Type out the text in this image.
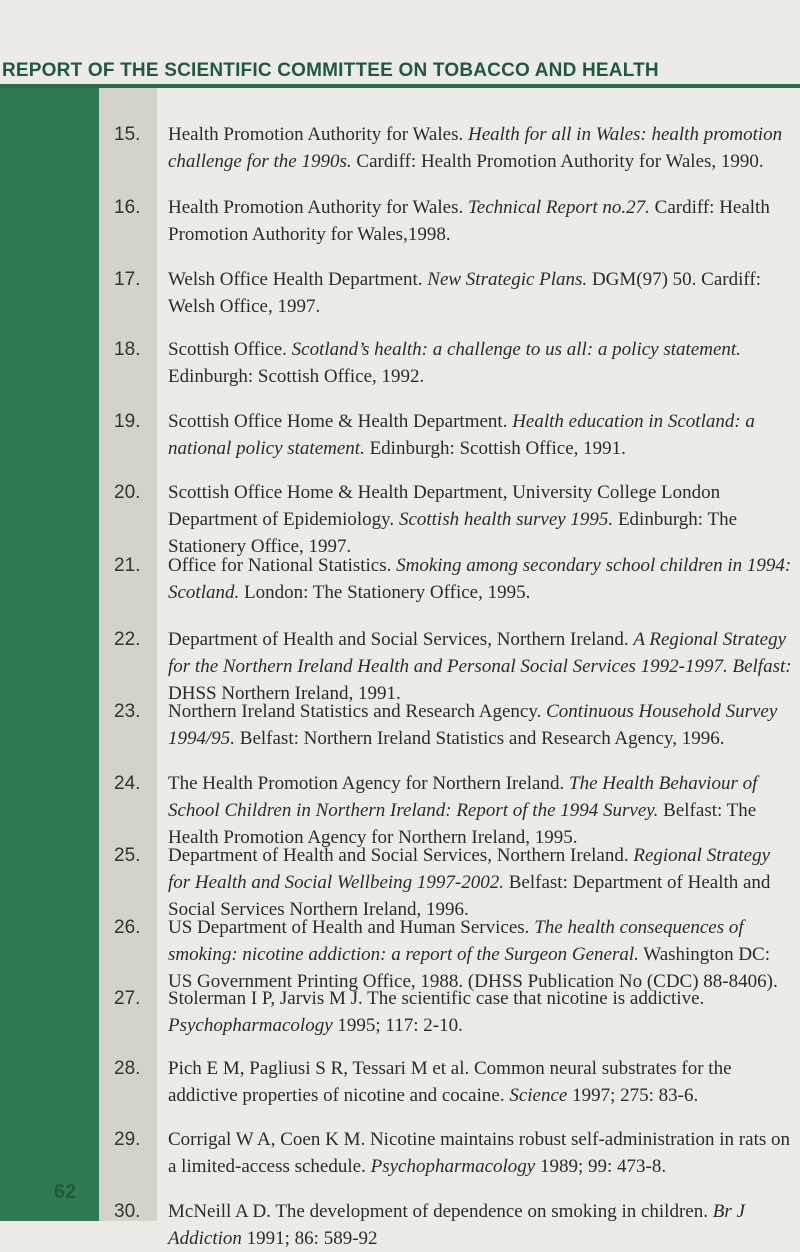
REPORT OF THE SCIENTIFIC COMMITTEE ON TOBACCO AND HEALTH
62
15.	Health Promotion Authority for Wales. Health for all in Wales: health promotion challenge for the 1990s. Cardiff: Health Promotion Authority for Wales, 1990.
16.	Health Promotion Authority for Wales. Technical Report no.27. Cardiff: Health Promotion Authority for Wales,1998.
17.	Welsh Office Health Department. New Strategic Plans. DGM(97) 50. Cardiff: Welsh Office, 1997.
18.	Scottish Office. Scotland’s health: a challenge to us all: a policy statement. Edinburgh: Scottish Office, 1992.
19.	Scottish Office Home & Health Department. Health education in Scotland: a national policy statement. Edinburgh: Scottish Office, 1991.
20.	Scottish Office Home & Health Department, University College London Department of Epidemiology. Scottish health survey 1995. Edinburgh: The Stationery Office, 1997.
21.	Office for National Statistics. Smoking among secondary school children in 1994: Scotland. London: The Stationery Office, 1995.
22.	Department of Health and Social Services, Northern Ireland. A Regional Strategy for the Northern Ireland Health and Personal Social Services 1992-1997. Belfast: DHSS Northern Ireland, 1991.
23.	Northern Ireland Statistics and Research Agency. Continuous Household Survey 1994/95. Belfast: Northern Ireland Statistics and Research Agency, 1996.
24.	The Health Promotion Agency for Northern Ireland. The Health Behaviour of School Children in Northern Ireland: Report of the 1994 Survey. Belfast: The Health Promotion Agency for Northern Ireland, 1995.
25.	Department of Health and Social Services, Northern Ireland. Regional Strategy for Health and Social Wellbeing 1997-2002. Belfast: Department of Health and Social Services Northern Ireland, 1996.
26.	US Department of Health and Human Services. The health consequences of smoking: nicotine addiction: a report of the Surgeon General. Washington DC: US Government Printing Office, 1988. (DHSS Publication No (CDC) 88-8406).
27.	Stolerman I P, Jarvis M J. The scientific case that nicotine is addictive. Psychopharmacology 1995; 117: 2-10.
28.	Pich E M, Pagliusi S R, Tessari M et al. Common neural substrates for the addictive properties of nicotine and cocaine. Science 1997; 275: 83-6.
29.	Corrigal W A, Coen K M. Nicotine maintains robust self-administration in rats on a limited-access schedule. Psychopharmacology 1989; 99: 473-8.
30.	McNeill A D. The development of dependence on smoking in children. Br J Addiction 1991; 86: 589-92
